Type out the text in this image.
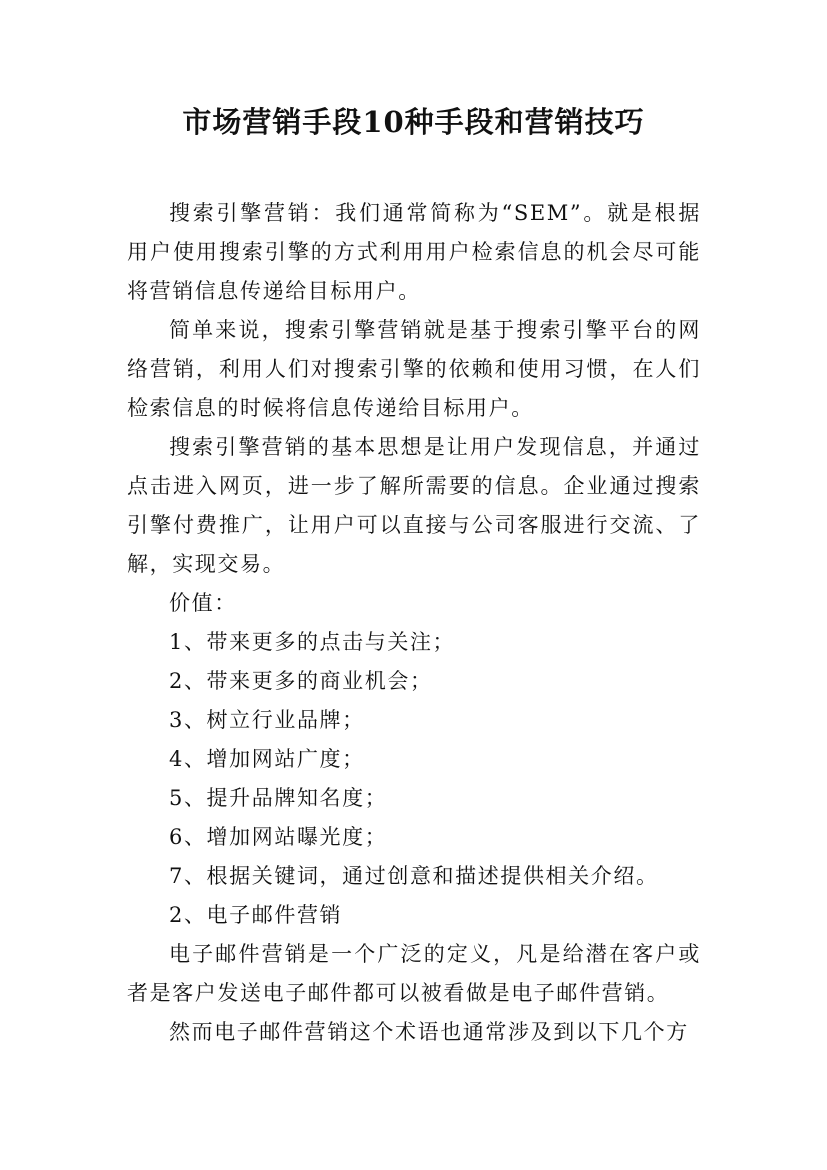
市场营销手段10种手段和营销技巧

搜索引擎营销：我们通常简称为“SEM”。就是根据用户使用搜索引擎的方式利用用户检索信息的机会尽可能将营销信息传递给目标用户。

简单来说，搜索引擎营销就是基于搜索引擎平台的网络营销，利用人们对搜索引擎的依赖和使用习惯，在人们检索信息的时候将信息传递给目标用户。

搜索引擎营销的基本思想是让用户发现信息，并通过点击进入网页，进一步了解所需要的信息。企业通过搜索引擎付费推广，让用户可以直接与公司客服进行交流、了解，实现交易。

价值：

1、带来更多的点击与关注；

2、带来更多的商业机会；

3、树立行业品牌；

4、增加网站广度；

5、提升品牌知名度；

6、增加网站曝光度；

7、根据关键词，通过创意和描述提供相关介绍。

2、电子邮件营销

电子邮件营销是一个广泛的定义，凡是给潜在客户或者是客户发送电子邮件都可以被看做是电子邮件营销。

然而电子邮件营销这个术语也通常涉及到以下几个方
